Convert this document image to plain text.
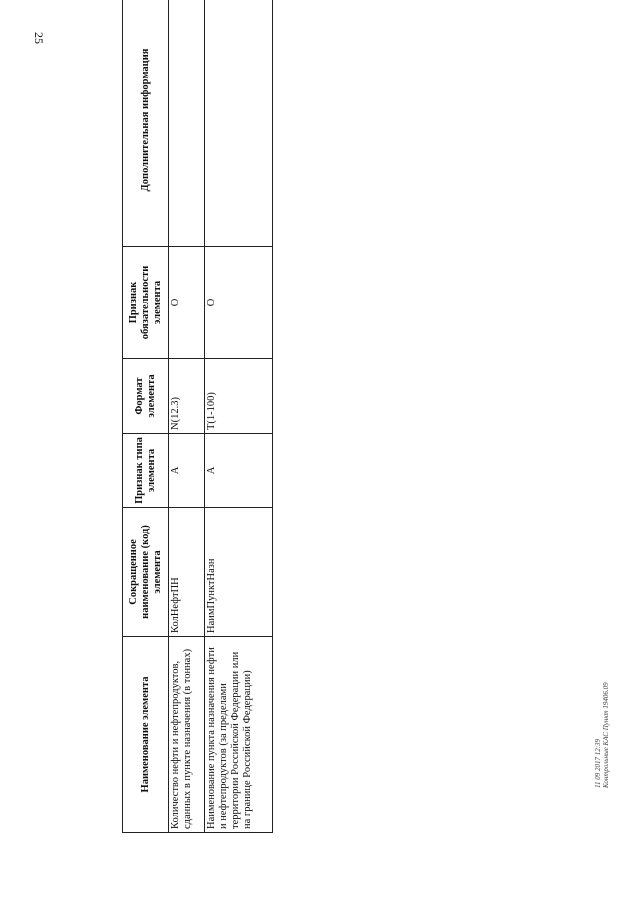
25
Наименование элемента	Сокращенное наименование (код) элемента	Признак типа элемента	Формат элемента	Признак обязательности элемента	Дополнительная информация
Количество нефти и нефтепродуктов, сданных в пункте назначения (в тоннах)	КолНефтПН	А	N(12.3)	О	
Наименование пункта назначения нефти и нефтепродуктов (за пределами территории Российской Федерации или на границе Российской Федерации)	НаимПунктНазн	А	T(1-100)	О	
11 09 2017 12:39 Контрольные КАС Пункт 19406.09
